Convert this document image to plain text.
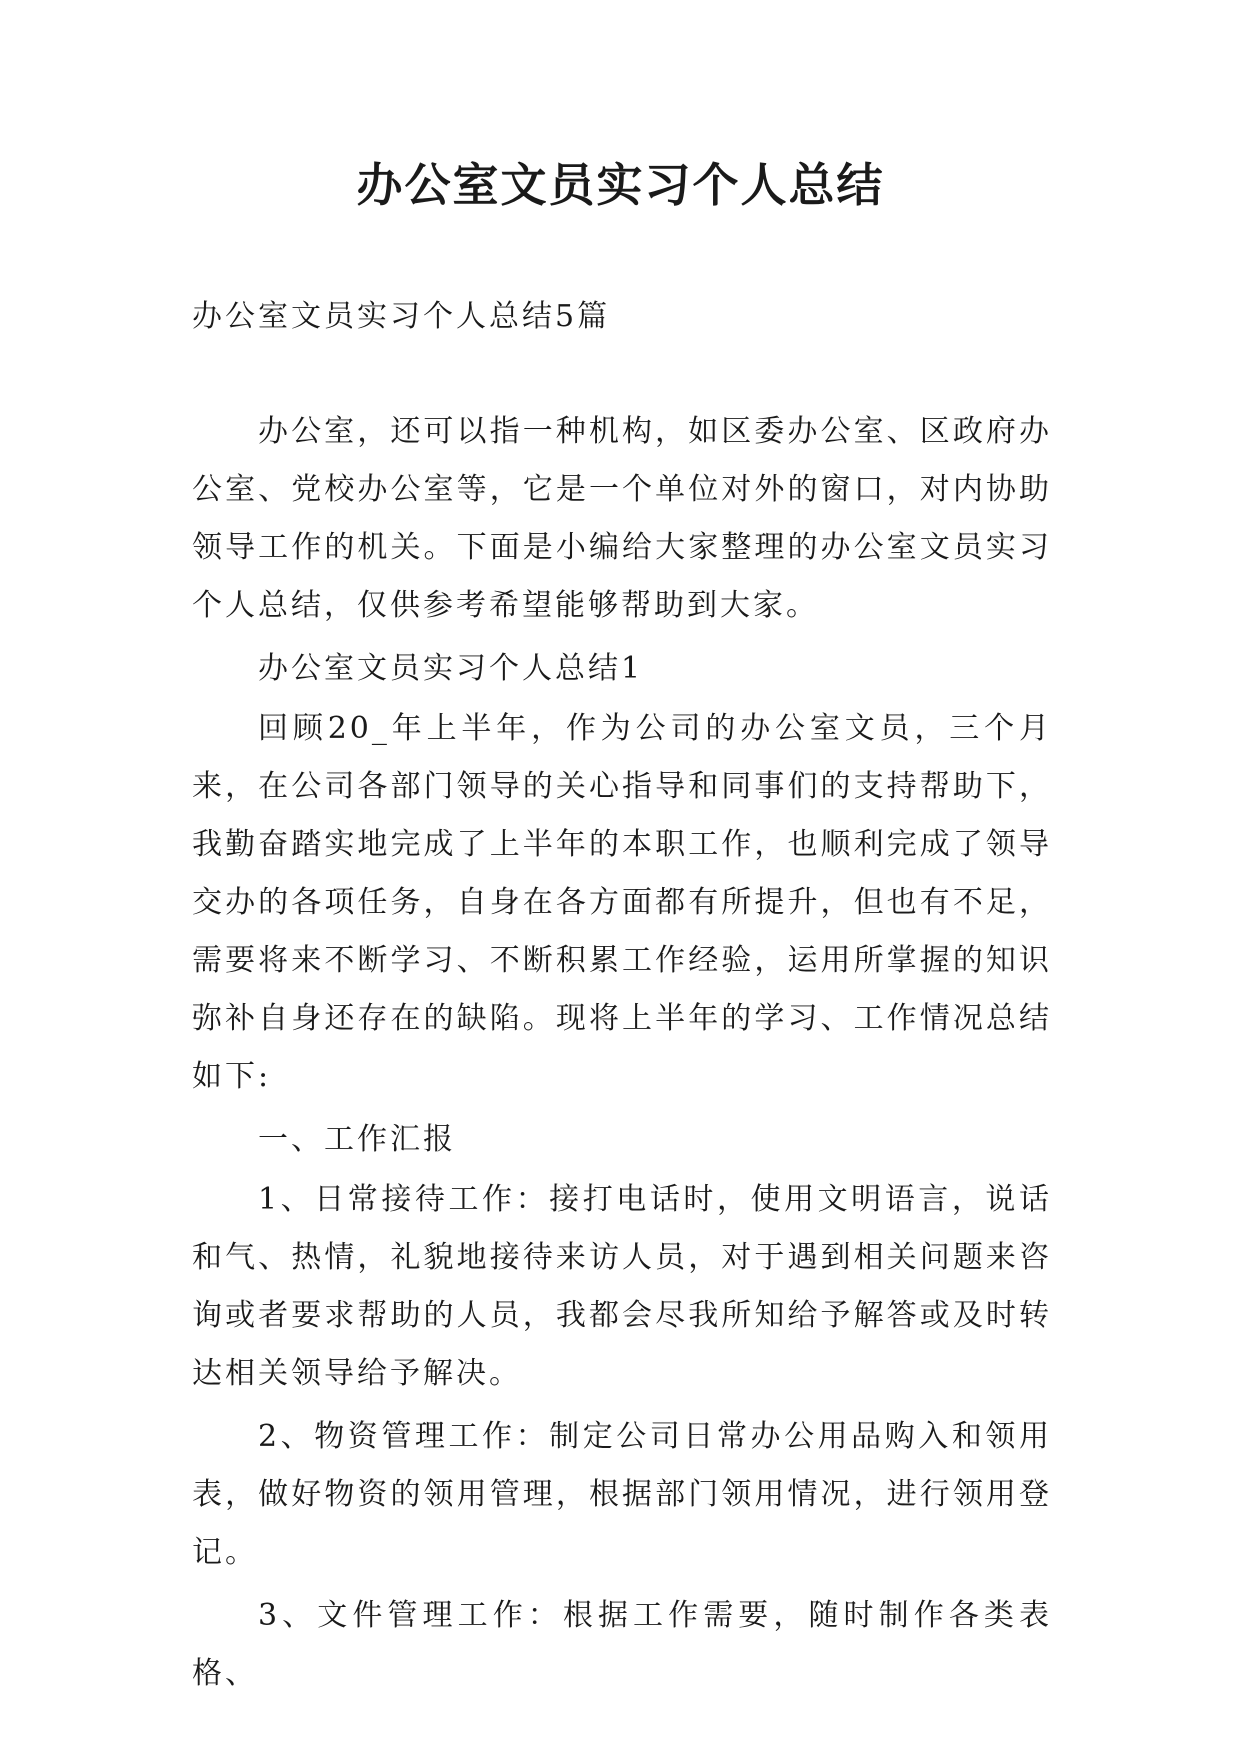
办公室文员实习个人总结

办公室文员实习个人总结5篇

办公室，还可以指一种机构，如区委办公室、区政府办公室、党校办公室等，它是一个单位对外的窗口，对内协助领导工作的机关。下面是小编给大家整理的办公室文员实习个人总结，仅供参考希望能够帮助到大家。

办公室文员实习个人总结1

回顾20_年上半年，作为公司的办公室文员，三个月来，在公司各部门领导的关心指导和同事们的支持帮助下，我勤奋踏实地完成了上半年的本职工作，也顺利完成了领导交办的各项任务，自身在各方面都有所提升，但也有不足，需要将来不断学习、不断积累工作经验，运用所掌握的知识弥补自身还存在的缺陷。现将上半年的学习、工作情况总结如下:

一、工作汇报

1、日常接待工作：接打电话时，使用文明语言，说话和气、热情，礼貌地接待来访人员，对于遇到相关问题来咨询或者要求帮助的人员，我都会尽我所知给予解答或及时转达相关领导给予解决。

2、物资管理工作：制定公司日常办公用品购入和领用表，做好物资的领用管理，根据部门领用情况，进行领用登记。

3、文件管理工作：根据工作需要，随时制作各类表格、
